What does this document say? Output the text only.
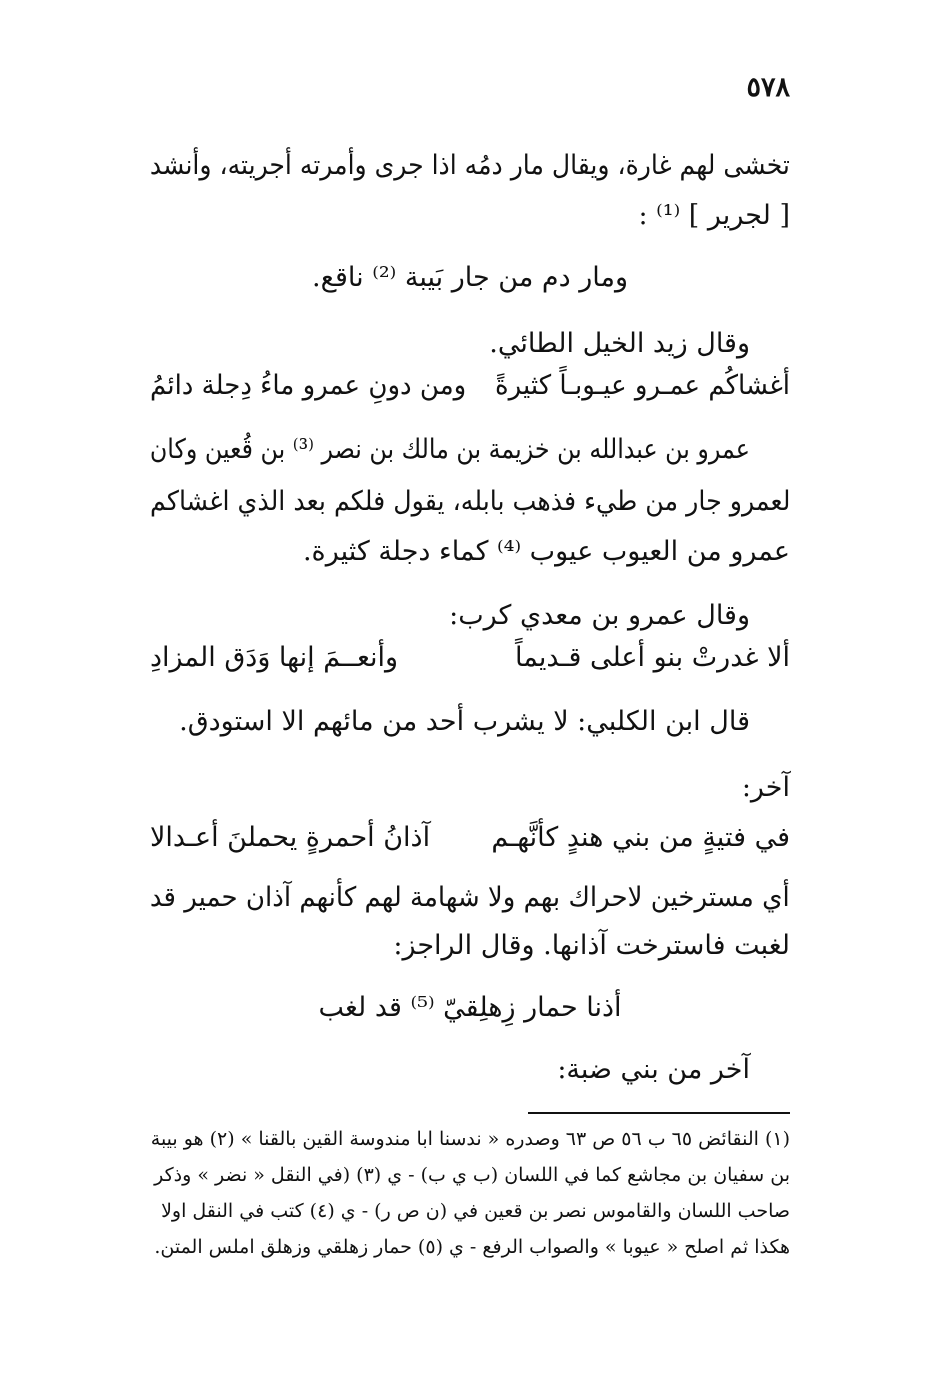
٥٧٨
تخشى لهم غارة، ويقال مار دمُه اذا جرى وأمرته أجريته، وأنشد
[ لجرير ] ⁽¹⁾ :
ومار دم من جار بَيبة ⁽²⁾ ناقع.
وقال زيد الخيل الطائي.
أغشاكُم عمـرو عيـوبـاً كثيرةً
ومن دونِ عمرو ماءُ دِجلة دائمُ
عمرو بن عبدالله بن خزيمة بن مالك بن نصر ⁽³⁾ بن قُعين وكان
لعمرو جار من طيء فذهب بابله، يقول فلكم بعد الذي اغشاكم
عمرو من العيوب عيوب ⁽⁴⁾ كماء دجلة كثيرة.
وقال عمرو بن معدي كرب:
ألا غدرتْ بنو أعلى قـديماً
وأنعــمَ إنها وَدَق المزادِ
قال ابن الكلبي: لا يشرب أحد من مائهم الا استودق.
آخر:
في فتيةٍ من بني هندٍ كأنَّهـم
آذانُ أحمرةٍ يحملنَ أعـدالا
أي مسترخين لاحراك بهم ولا شهامة لهم كأنهم آذان حمير قد
لغبت فاسترخت آذانها. وقال الراجز:
أذنا حمار زِهلِقيّ ⁽⁵⁾ قد لغب
آخر من بني ضبة:
(١) النقائض ٦٥ ب ٥٦ ص ٦٣ وصدره « ندسنا ابا مندوسة القين بالقنا » (٢) هو بيبة
بن سفيان بن مجاشع كما في اللسان (ب ي ب) - ي (٣) (في النقل « نضر » وذكر
صاحب اللسان والقاموس نصر بن قعين في (ن ص ر) - ي (٤) كتب في النقل اولا
هكذا ثم اصلح « عيوبا » والصواب الرفع - ي (٥) حمار زهلقي وزهلق املس المتن.
